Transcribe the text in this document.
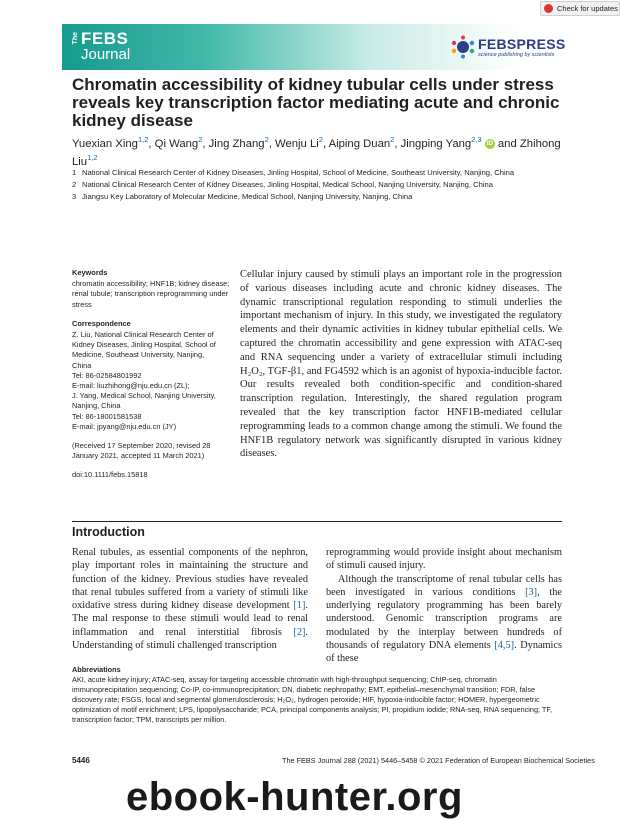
Check for updates
The FEBS
Journal
FEBSPRESS
science publishing by scientists
Chromatin accessibility of kidney tubular cells under stress reveals key transcription factor mediating acute and chronic kidney disease
Yuexian Xing$^{1,2}$, Qi Wang$^2$, Jing Zhang$^2$, Wenju Li$^2$, Aiping Duan$^2$, Jingping Yang$^{2,3}$ iD and Zhihong Liu$^{1,2}$
1 National Clinical Research Center of Kidney Diseases, Jinling Hospital, School of Medicine, Southeast University, Nanjing, China
2 National Clinical Research Center of Kidney Diseases, Jinling Hospital, Medical School, Nanjing University, Nanjing, China
3 Jiangsu Key Laboratory of Molecular Medicine, Medical School, Nanjing University, Nanjing, China
Keywords
chromatin accessibility; HNF1B; kidney disease; renal tubule; transcription reprogramming under stress
Correspondence
Z. Liu, National Clinical Research Center of
Kidney Diseases, Jinling Hospital, School of
Medicine, Southeast University, Nanjing,
China
Tel: 86-02584801992
E-mail: liuzhihong@nju.edu.cn (ZL);
J. Yang, Medical School, Nanjing University,
Nanjing, China
Tel: 86-18001581538
E-mail: jpyang@nju.edu.cn (JY)
(Received 17 September 2020, revised 28 January 2021, accepted 11 March 2021)
doi:10.1111/febs.15818
Cellular injury caused by stimuli plays an important role in the progression of various diseases including acute and chronic kidney diseases. The dynamic transcriptional regulation responding to stimuli underlies the important mechanism of injury. In this study, we investigated the regulatory elements and their dynamic activities in kidney tubular epithelial cells. We captured the chromatin accessibility and gene expression with ATAC-seq and RNA sequencing under a variety of extracellular stimuli including H₂O₂, TGF-β1, and FG4592 which is an agonist of hypoxia-inducible factor. Our results revealed both condition-specific and condition-shared transcription regulation. Interestingly, the shared regulation program revealed that the key transcription factor HNF1B-mediated cellular reprogramming leads to a common change among the stimuli. We found the HNF1B regulatory network was significantly disrupted in various kidney diseases.
Introduction

Renal tubules, as essential components of the nephron, play important roles in maintaining the structure and function of the kidney. Previous studies have revealed that renal tubules suffered from a variety of stimuli like oxidative stress during kidney disease development [1]. The mal response to these stimuli would lead to renal inflammation and renal interstitial fibrosis [2]. Understanding of stimuli challenged transcription

reprogramming would provide insight about mechanism of stimuli caused injury.

Although the transcriptome of renal tubular cells has been investigated in various conditions [3], the underlying regulatory programming has been barely understood. Genomic transcription programs are modulated by the interplay between hundreds of thousands of regulatory DNA elements [4,5]. Dynamics of these

Abbreviations
AKI, acute kidney injury; ATAC-seq, assay for targeting accessible chromatin with high-throughput sequencing; ChIP-seq, chromatin immunoprecipitation sequencing; Co-IP, co-immunoprecipitation; DN, diabetic nephropathy; EMT, epithelial–mesenchymal transition; FDR, false discovery rate; FSGS, focal and segmental glomerulosclerosis; H₂O₂, hydrogen peroxide; HIF, hypoxia-inducible factor; HOMER, hypergeometric optimization of motif enrichment; LPS, lipopolysaccharide; PCA, principal components analysis; PI, propidium iodide; RNA-seq, RNA sequencing; TF, transcription factor; TPM, transcripts per million.
5446	The FEBS Journal 288 (2021) 5446–5458 © 2021 Federation of European Biochemical Societies
ebook-hunter.org
